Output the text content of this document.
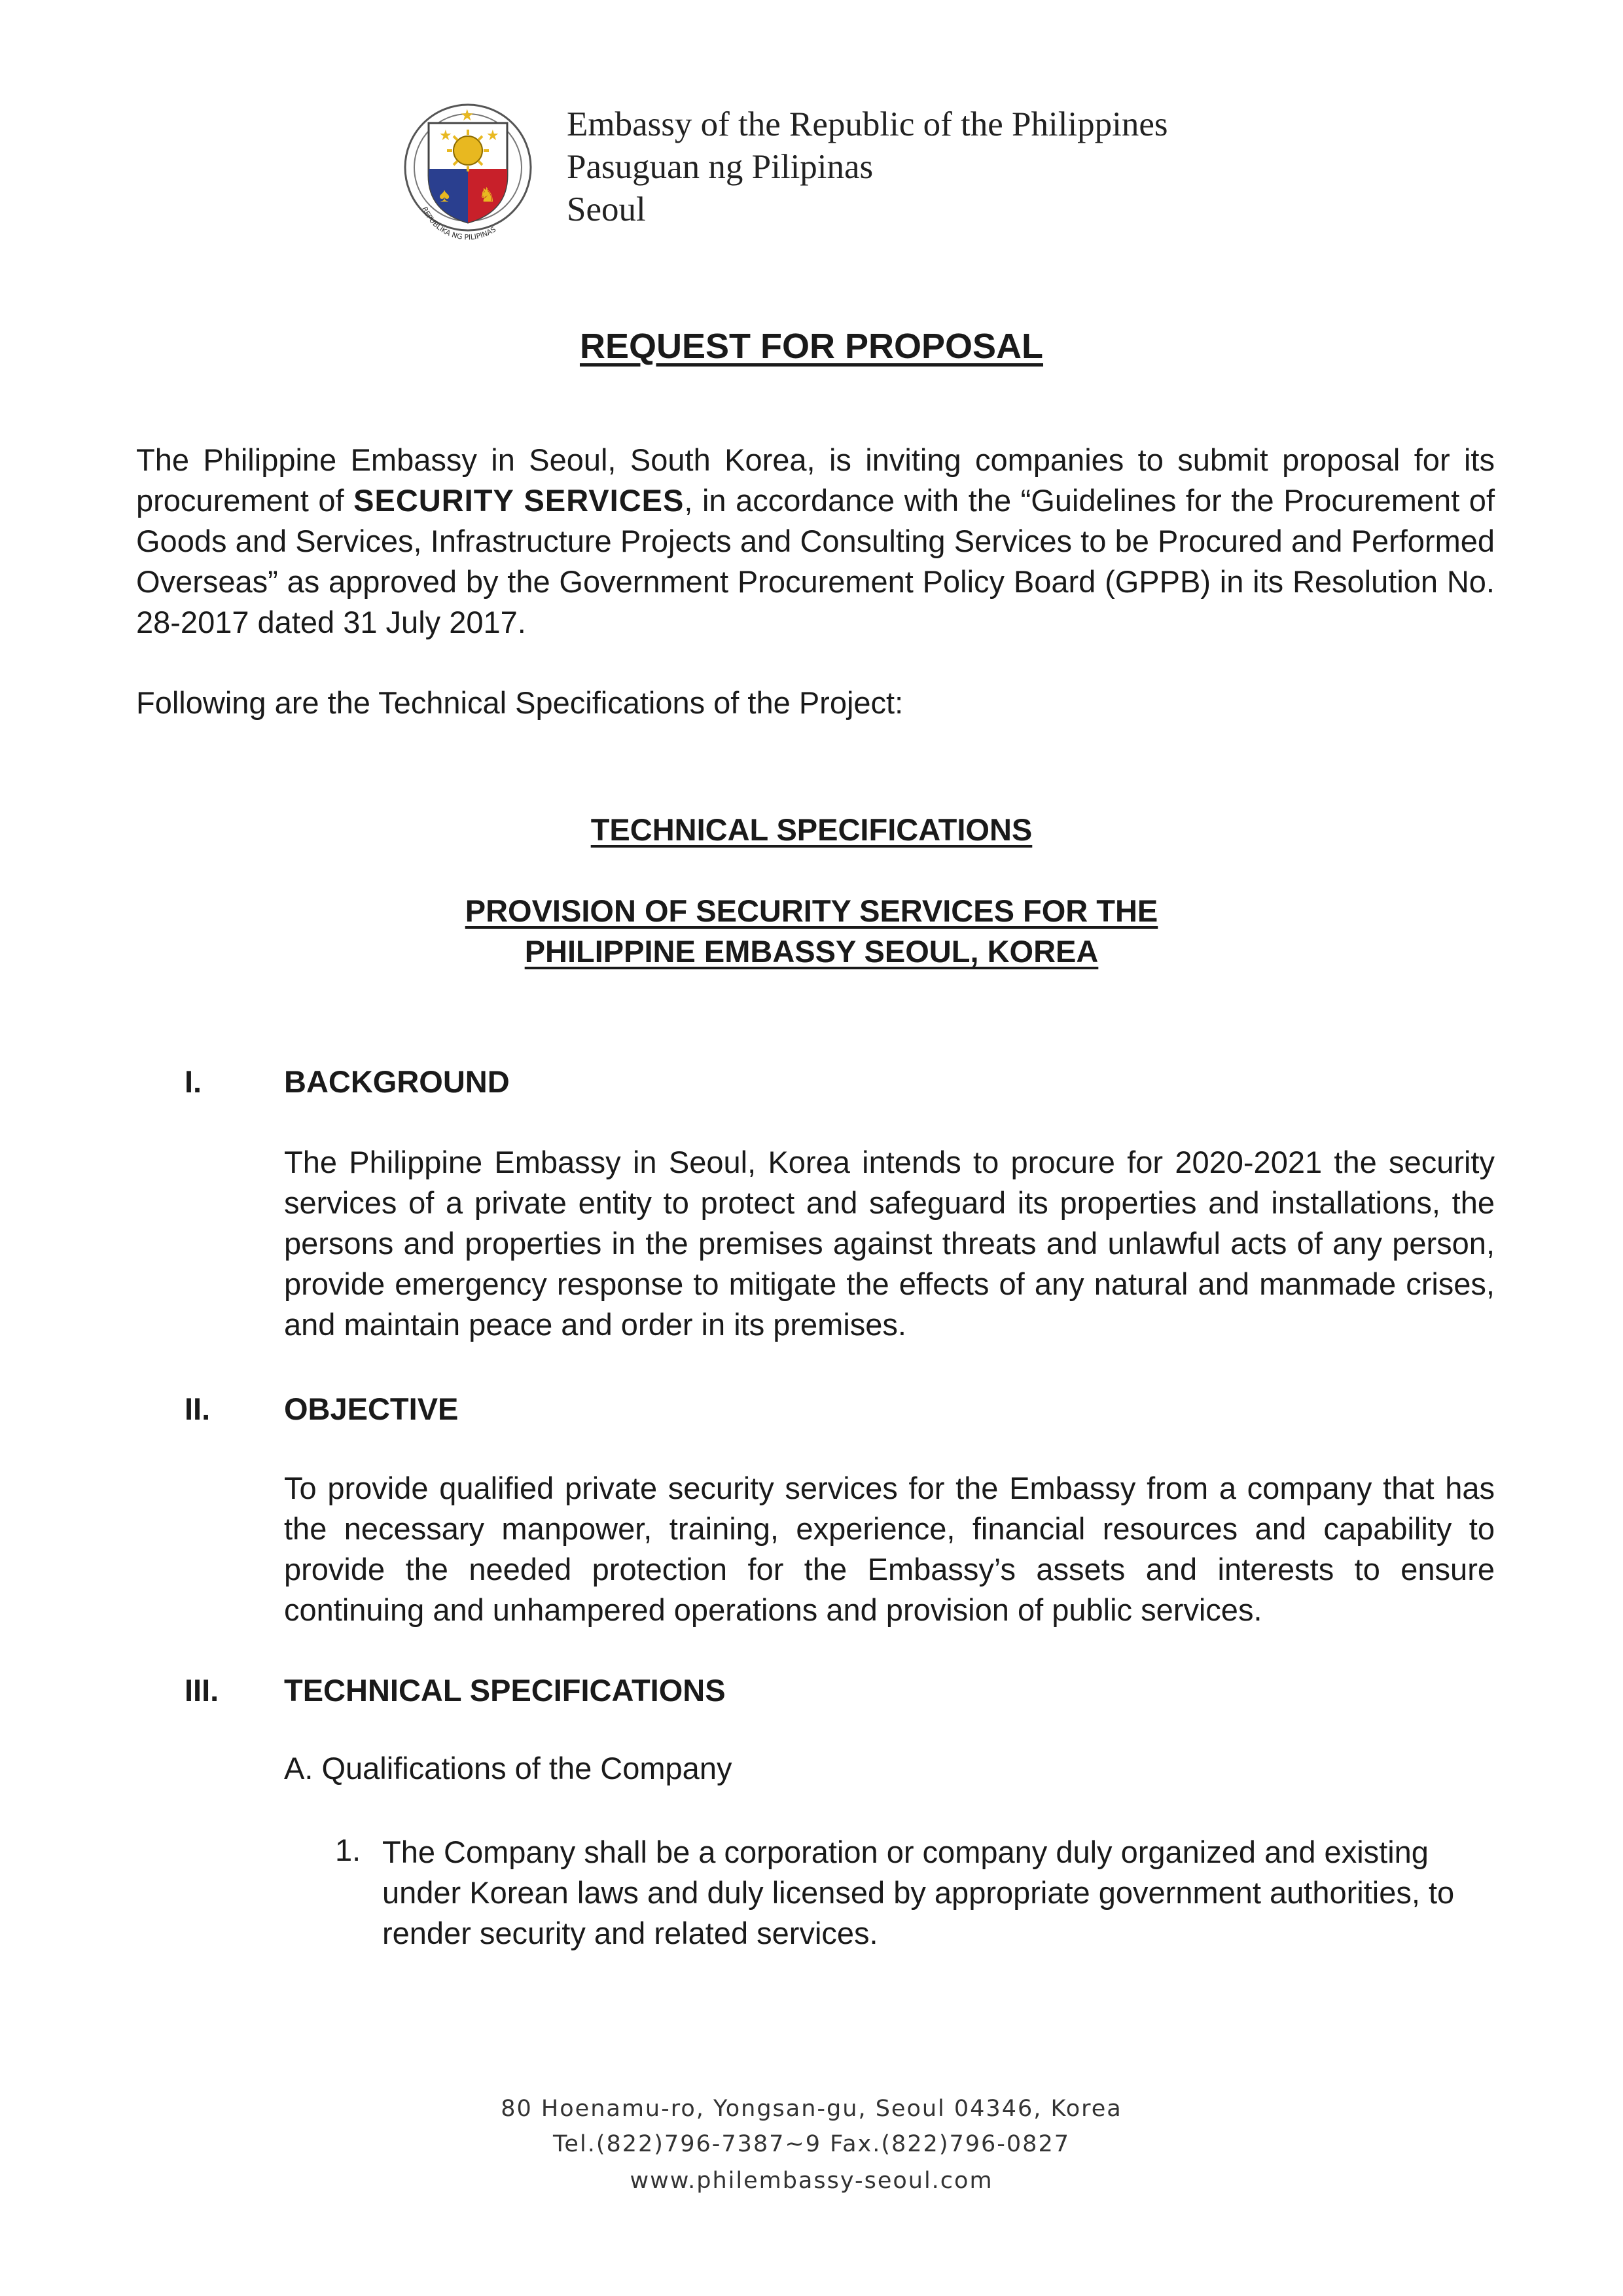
★ ★
★
♠ ♞
REPUBLIKA NG PILIPINAS
Embassy of the Republic of the Philippines
Pasuguan ng Pilipinas
Seoul
REQUEST FOR PROPOSAL
The Philippine Embassy in Seoul, South Korea, is inviting companies to submit proposal for its procurement of SECURITY SERVICES, in accordance with the “Guidelines for the Procurement of Goods and Services, Infrastructure Projects and Consulting Services to be Procured and Performed Overseas” as approved by the Government Procurement Policy Board (GPPB) in its Resolution No. 28-2017 dated 31 July 2017.
Following are the Technical Specifications of the Project:
TECHNICAL SPECIFICATIONS
PROVISION OF SECURITY SERVICES FOR THE
PHILIPPINE EMBASSY SEOUL, KOREA
I.	BACKGROUND
The Philippine Embassy in Seoul, Korea intends to procure for 2020-2021 the security services of a private entity to protect and safeguard its properties and installations, the persons and properties in the premises against threats and unlawful acts of any person, provide emergency response to mitigate the effects of any natural and manmade crises, and maintain peace and order in its premises.
II. OBJECTIVE
To provide qualified private security services for the Embassy from a company that has the necessary manpower, training, experience, financial resources and capability to provide the needed protection for the Embassy’s assets and interests to ensure continuing and unhampered operations and provision of public services.
III. TECHNICAL SPECIFICATIONS
A. Qualifications of the Company
1. The Company shall be a corporation or company duly organized and existing under Korean laws and duly licensed by appropriate government authorities, to render security and related services.
80 Hoenamu-ro, Yongsan-gu, Seoul 04346, Korea
Tel.(822)796-7387~9 Fax.(822)796-0827
www.philembassy-seoul.com
